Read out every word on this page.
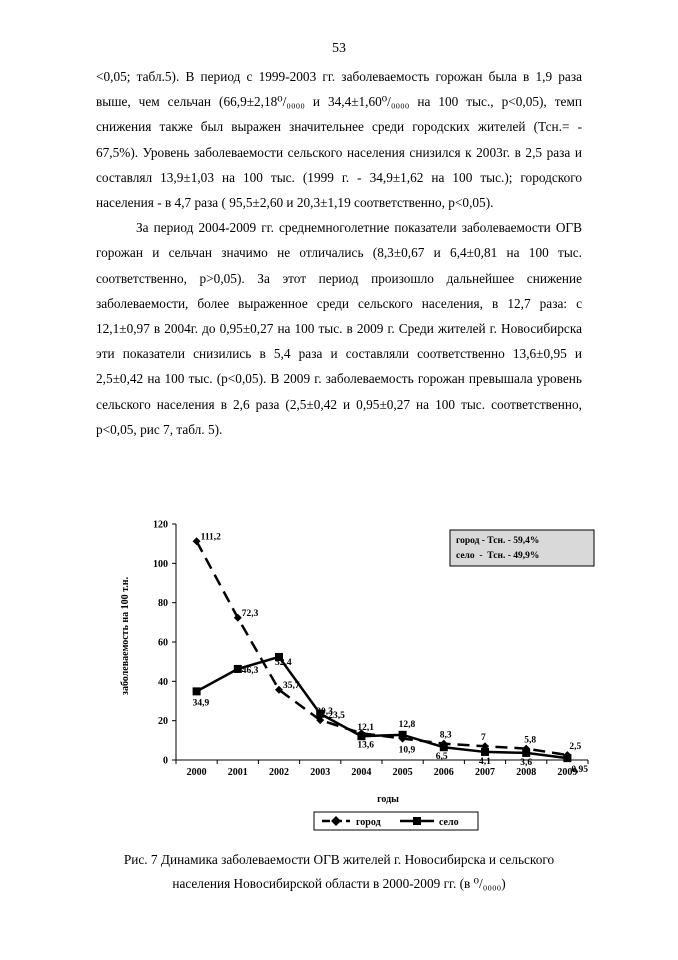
53

<0,05; табл.5). В период с 1999-2003 гг. заболеваемость горожан была в 1,9 раза выше, чем сельчан (66,9±2,18⁰/₀₀₀₀ и 34,4±1,60⁰/₀₀₀₀ на 100 тыс., p<0,05), темп снижения также был выражен значительнее среди городских жителей (Тсн.= - 67,5%). Уровень заболеваемости сельского населения снизился к 2003г. в 2,5 раза и составлял 13,9±1,03 на 100 тыс. (1999 г. - 34,9±1,62 на 100 тыс.); городского населения - в 4,7 раза ( 95,5±2,60 и 20,3±1,19 соответственно, p<0,05).

За период 2004-2009 гг. среднемноголетние показатели заболеваемости ОГВ горожан и сельчан значимо не отличались (8,3±0,67 и 6,4±0,81 на 100 тыс. соответственно, p>0,05). За этот период произошло дальнейшее снижение заболеваемости, более выраженное среди сельского населения, в 12,7 раза: с 12,1±0,97 в 2004г. до 0,95±0,27 на 100 тыс. в 2009 г. Среди жителей г. Новосибирска эти показатели снизились в 5,4 раза и составляли соответственно 13,6±0,95 и 2,5±0,42 на 100 тыс. (p<0,05). В 2009 г. заболеваемость горожан превышала уровень сельского населения в 2,6 раза (2,5±0,42 и 0,95±0,27 на 100 тыс. соответственно, p<0,05, рис 7, табл. 5).

0
20
40
60
80
100
120
2000 2001 2002 2003 2004 2005 2006 2007 2008 2009
111,2
72,3
35,7
20,3
13,6
10,9
8,3	7	5,8
2,5
34,9
46,3
52,4
23,5
12,1	12,8
6,5	4,1	3,6
0,95
заболеваемость на 100 т.н.
годы
город - Тсн. - 59,4%
село  -  Тсн. - 49,9%
город	село
Рис. 7 Динамика заболеваемости ОГВ жителей г. Новосибирска и сельского населения Новосибирской области в 2000-2009 гг. (в ⁰/₀₀₀₀)
